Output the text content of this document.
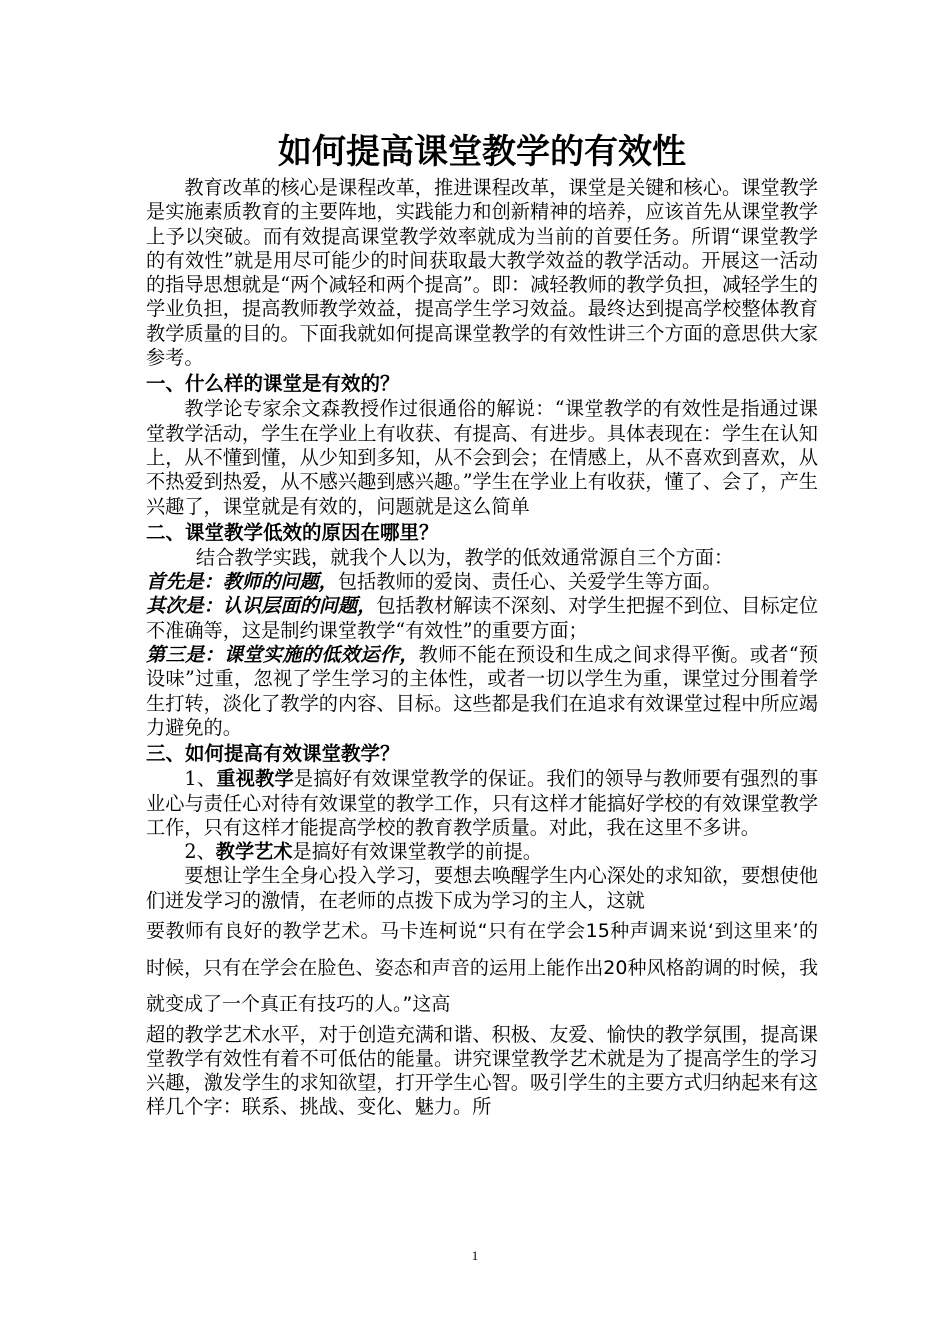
如何提高课堂教学的有效性

教育改革的核心是课程改革，推进课程改革，课堂是关键和核心。课堂教学是实施素质教育的主要阵地，实践能力和创新精神的培养，应该首先从课堂教学上予以突破。而有效提高课堂教学效率就成为当前的首要任务。所谓“课堂教学的有效性”就是用尽可能少的时间获取最大教学效益的教学活动。开展这一活动的指导思想就是“两个减轻和两个提高”。即：减轻教师的教学负担，减轻学生的学业负担，提高教师教学效益，提高学生学习效益。最终达到提高学校整体教育教学质量的目的。下面我就如何提高课堂教学的有效性讲三个方面的意思供大家参考。

一、什么样的课堂是有效的？

教学论专家余文森教授作过很通俗的解说：“课堂教学的有效性是指通过课堂教学活动，学生在学业上有收获、有提高、有进步。具体表现在：学生在认知上，从不懂到懂，从少知到多知，从不会到会；在情感上，从不喜欢到喜欢，从不热爱到热爱，从不感兴趣到感兴趣。”学生在学业上有收获，懂了、会了，产生兴趣了，课堂就是有效的，问题就是这么简单

二、课堂教学低效的原因在哪里？

结合教学实践，就我个人以为，教学的低效通常源自三个方面：

首先是：教师的问题，包括教师的爱岗、责任心、关爱学生等方面。

其次是：认识层面的问题，包括教材解读不深刻、对学生把握不到位、目标定位不准确等，这是制约课堂教学“有效性”的重要方面；

第三是：课堂实施的低效运作，教师不能在预设和生成之间求得平衡。或者“预设味”过重，忽视了学生学习的主体性，或者一切以学生为重，课堂过分围着学生打转，淡化了教学的内容、目标。这些都是我们在追求有效课堂过程中所应竭力避免的。

三、如何提高有效课堂教学？

1、重视教学是搞好有效课堂教学的保证。我们的领导与教师要有强烈的事业心与责任心对待有效课堂的教学工作，只有这样才能搞好学校的有效课堂教学工作，只有这样才能提高学校的教育教学质量。对此，我在这里不多讲。

2、教学艺术是搞好有效课堂教学的前提。

要想让学生全身心投入学习，要想去唤醒学生内心深处的求知欲，要想使他们迸发学习的激情，在老师的点拨下成为学习的主人，这就

要教师有良好的教学艺术。马卡连柯说“只有在学会15种声调来说‘到这里来’的时候，只有在学会在脸色、姿态和声音的运用上能作出20种风格韵调的时候，我就变成了一个真正有技巧的人。”这高

超的教学艺术水平，对于创造充满和谐、积极、友爱、愉快的教学氛围，提高课堂教学有效性有着不可低估的能量。讲究课堂教学艺术就是为了提高学生的学习兴趣，激发学生的求知欲望，打开学生心智。吸引学生的主要方式归纳起来有这样几个字：联系、挑战、变化、魅力。所

1
